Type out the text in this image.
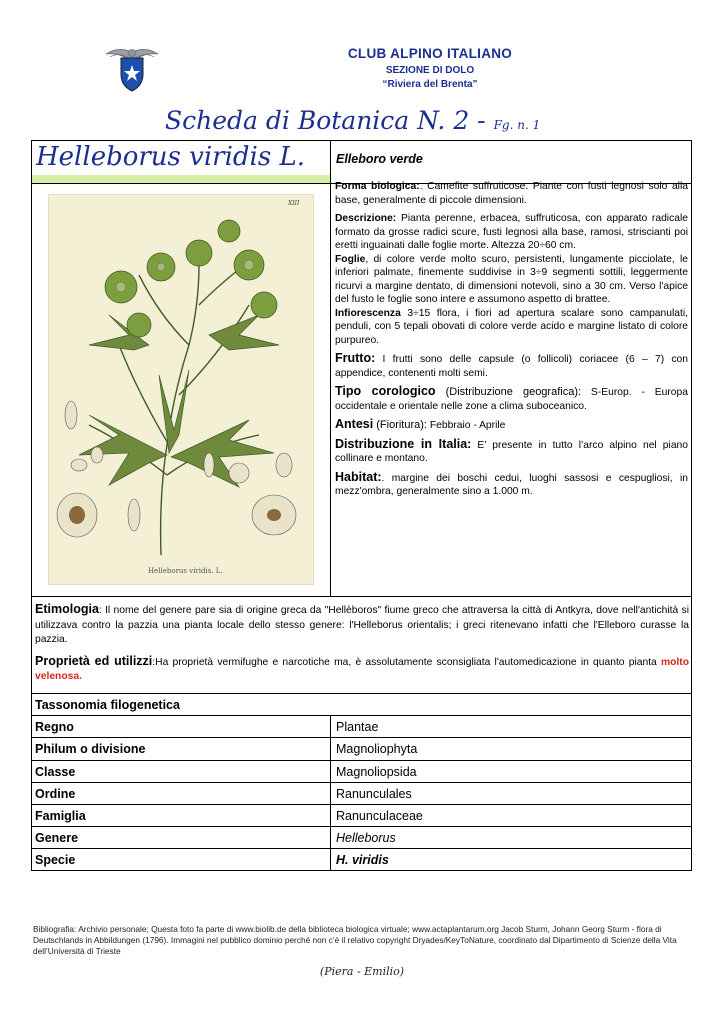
CLUB ALPINO ITALIANO
SEZIONE DI DOLO
“Riviera del Brenta”
Scheda di Botanica N. 2 - Fg. n. 1
Helleborus viridis L. Elleboro verde
XIII
Helleborus viridis. L.

Forma biologica:. Camefite suffruticose. Piante con fusti legnosi solo alla base, generalmente di piccole dimensioni.

Descrizione: Pianta perenne, erbacea, suffruticosa, con apparato radicale formato da grosse radici scure, fusti legnosi alla base, ramosi, striscianti poi eretti inguainati dalle foglie morte. Altezza 20÷60 cm.

Foglie, di colore verde molto scuro, persistenti, lungamente picciolate, le inferiori palmate, finemente suddivise in 3÷9 segmenti sottili, leggermente ricurvi a margine dentato, di dimensioni notevoli, sino a 30 cm. Verso l'apice del fusto le foglie sono intere e assumono aspetto di brattee.

Infiorescenza 3÷15 flora, i fiori ad apertura scalare sono campanulati, penduli, con 5 tepali obovati di colore verde acido e margine listato di colore purpureo.

Frutto: I frutti sono delle capsule (o follicoli) coriacee (6 – 7) con appendice, contenenti molti semi.

Tipo corologico (Distribuzione geografica): S-Europ. - Europa occidentale e orientale nelle zone a clima suboceanico.

Antesi (Fioritura): Febbraio - Aprile

Distribuzione in Italia: E’ presente in tutto l’arco alpino nel piano collinare e montano.

Habitat:. margine dei boschi cedui, luoghi sassosi e cespugliosi, in mezz'ombra, generalmente sino a 1.000 m.

Etimologia: Il nome del genere pare sia di origine greca da "Hellèboros" fiume greco che attraversa la città di Antkyra, dove nell'antichità si utilizzava contro la pazzia una pianta locale dello stesso genere: l'Helleborus orientalis; i greci ritenevano infatti che l'Elleboro curasse la pazzia.

Proprietà ed utilizzi:Ha proprietà vermifughe e narcotiche ma, è assolutamente sconsigliata l'automedicazione in quanto pianta molto velenosa.

Tassonomia filogenetica
Regno	Plantae
Philum o divisione	Magnoliophyta
Classe	Magnoliopsida
Ordine	Ranunculales
Famiglia	Ranunculaceae
Genere	Helleborus
Specie	H. viridis
Bibliografia: Archivio personale; Questa foto fa parte di www.biolib.de della biblioteca biologica virtuale; www.actaplantarum.org Jacob Sturm, Johann Georg Sturm - flora di Deutschlands in Abbildungen (1796). Immagini nel pubblico dominio perché non c’è il relativo copyright Dryades/KeyToNature, coordinato dal Dipartimento di Scienze della Vita dell’Università di Trieste
(Piera - Emilio)
